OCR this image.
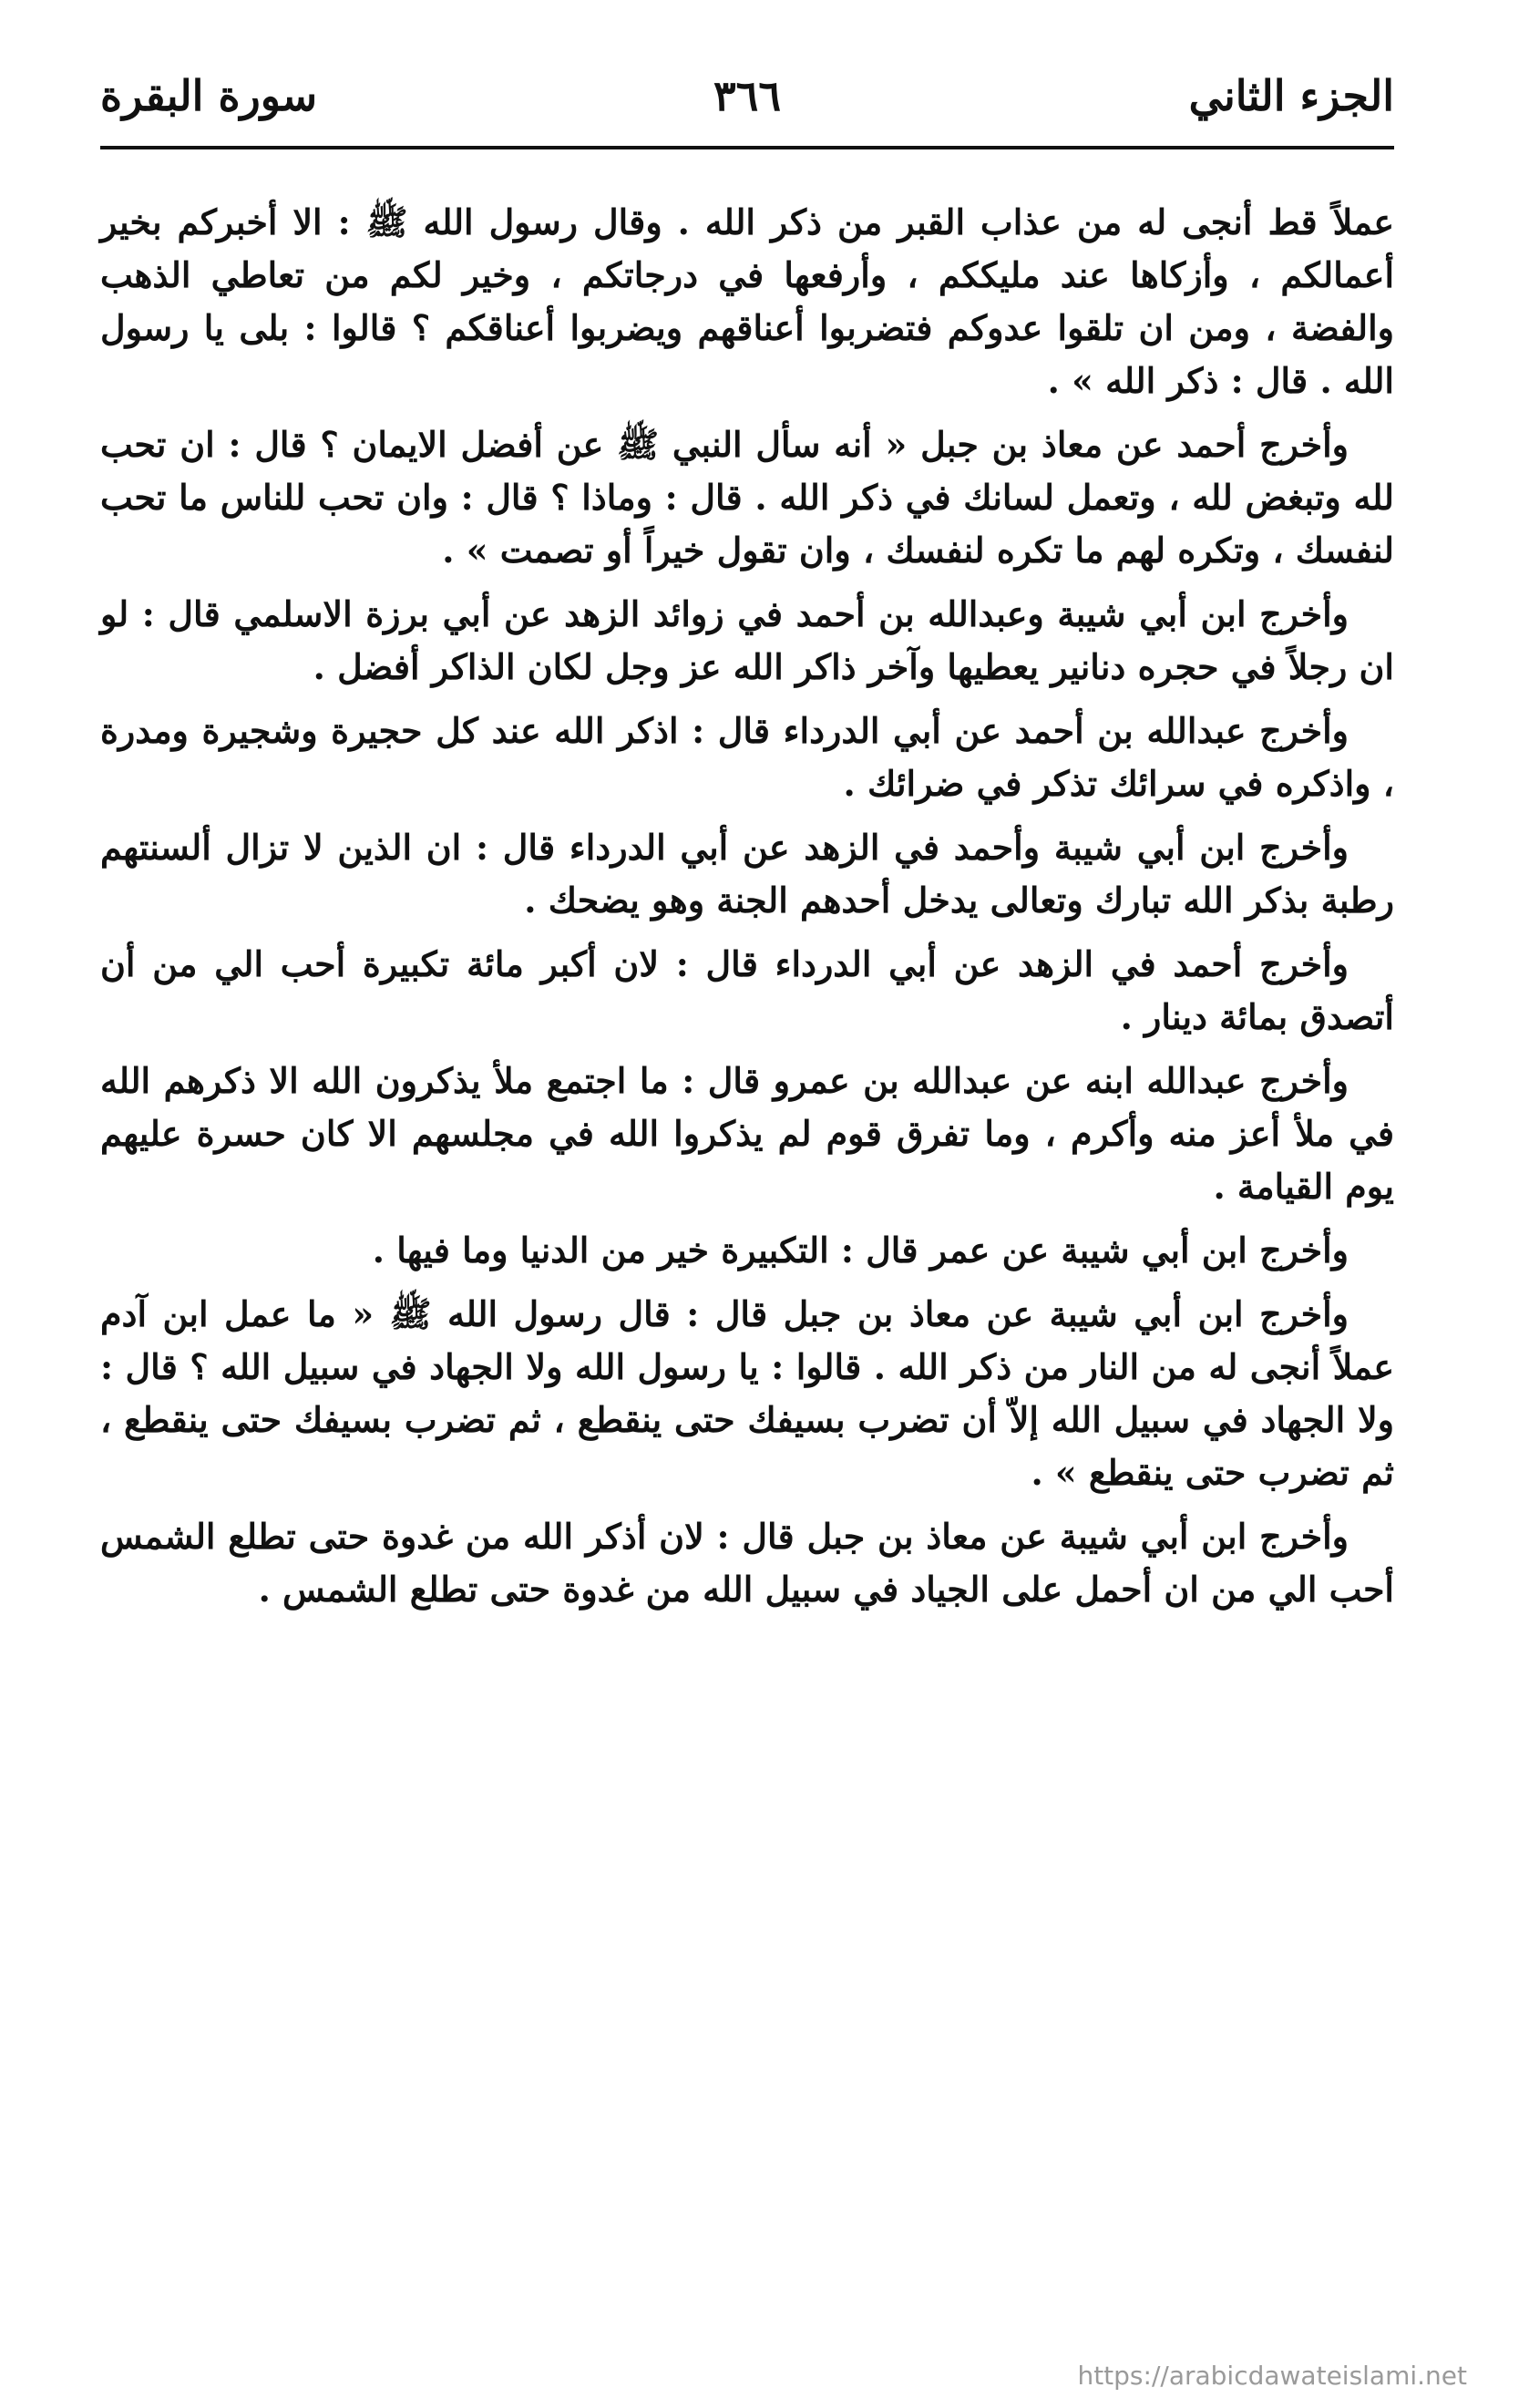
الجزء الثاني
٣٦٦
سورة البقرة

عملاً قط أنجى له من عذاب القبر من ذكر الله . وقال رسول الله ﷺ : الا أخبركم بخير أعمالكم ، وأزكاها عند مليككم ، وأرفعها في درجاتكم ، وخير لكم من تعاطي الذهب والفضة ، ومن ان تلقوا عدوكم فتضربوا أعناقهم ويضربوا أعناقكم ؟ قالوا : بلى يا رسول الله . قال : ذكر الله » .

وأخرج أحمد عن معاذ بن جبل « أنه سأل النبي ﷺ عن أفضل الايمان ؟ قال : ان تحب لله وتبغض لله ، وتعمل لسانك في ذكر الله . قال : وماذا ؟ قال : وان تحب للناس ما تحب لنفسك ، وتكره لهم ما تكره لنفسك ، وان تقول خيراً أو تصمت » .

وأخرج ابن أبي شيبة وعبدالله بن أحمد في زوائد الزهد عن أبي برزة الاسلمي قال : لو ان رجلاً في حجره دنانير يعطيها وآخر ذاكر الله عز وجل لكان الذاكر أفضل .

وأخرج عبدالله بن أحمد عن أبي الدرداء قال : اذكر الله عند كل حجيرة وشجيرة ومدرة ، واذكره في سرائك تذكر في ضرائك .

وأخرج ابن أبي شيبة وأحمد في الزهد عن أبي الدرداء قال : ان الذين لا تزال ألسنتهم رطبة بذكر الله تبارك وتعالى يدخل أحدهم الجنة وهو يضحك .

وأخرج أحمد في الزهد عن أبي الدرداء قال : لان أكبر مائة تكبيرة أحب الي من أن أتصدق بمائة دينار .

وأخرج عبدالله ابنه عن عبدالله بن عمرو قال : ما اجتمع ملأ يذكرون الله الا ذكرهم الله في ملأ أعز منه وأكرم ، وما تفرق قوم لم يذكروا الله في مجلسهم الا كان حسرة عليهم يوم القيامة .

وأخرج ابن أبي شيبة عن عمر قال : التكبيرة خير من الدنيا وما فيها .

وأخرج ابن أبي شيبة عن معاذ بن جبل قال : قال رسول الله ﷺ « ما عمل ابن آدم عملاً أنجى له من النار من ذكر الله . قالوا : يا رسول الله ولا الجهاد في سبيل الله ؟ قال : ولا الجهاد في سبيل الله إلاّ أن تضرب بسيفك حتى ينقطع ، ثم تضرب بسيفك حتى ينقطع ، ثم تضرب حتى ينقطع » .

وأخرج ابن أبي شيبة عن معاذ بن جبل قال : لان أذكر الله من غدوة حتى تطلع الشمس أحب الي من ان أحمل على الجياد في سبيل الله من غدوة حتى تطلع الشمس .

https://arabicdawateislami.net
